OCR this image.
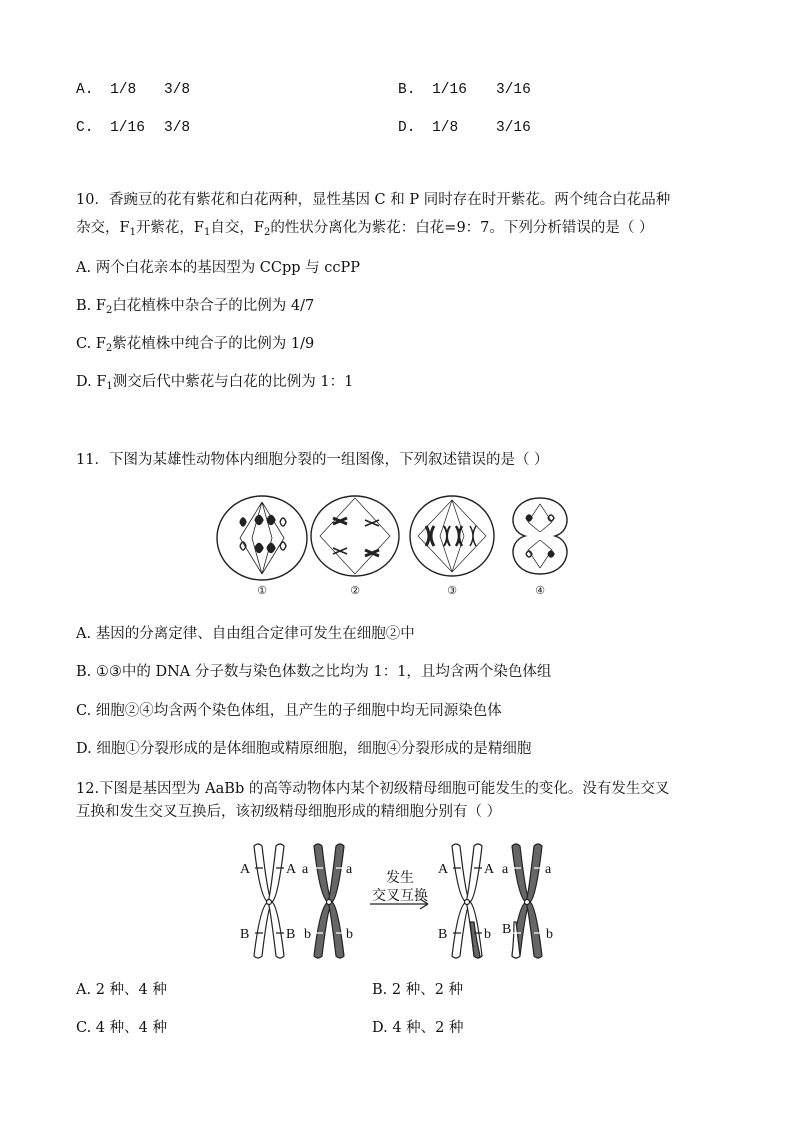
A. 1/8 3/8	B. 1/16 3/16
C. 1/16 3/8	D. 1/8	3/16
10．香豌豆的花有紫花和白花两种，显性基因 C 和 P 同时存在时开紫花。两个纯合白花品种
杂交，$F_1$开紫花，$F_1$自交，$F_2$的性状分离化为紫花：白花=9：7。下列分析错误的是（ ）
A. 两个白花亲本的基因型为 CCpp 与 ccPP
B. $F_2$白花植株中杂合子的比例为 4/7
C. $F_2$紫花植株中纯合子的比例为 1/9
D. $F_1$测交后代中紫花与白花的比例为 1：1
11．下图为某雄性动物体内细胞分裂的一组图像，下列叙述错误的是（ ）
①	②	③	④
A. 基因的分离定律、自由组合定律可发生在细胞②中
B. ①③中的 DNA 分子数与染色体数之比均为 1：1，且均含两个染色体组
C. 细胞②④均含两个染色体组，且产生的子细胞中均无同源染色体
D. 细胞①分裂形成的是体细胞或精原细胞，细胞④分裂形成的是精细胞
12.下图是基因型为 AaBb 的高等动物体内某个初级精母细胞可能发生的变化。没有发生交叉
互换和发生交叉互换后，该初级精母细胞形成的精细胞分别有（ ）
A	A a	a
B	B b	b
A	A a	a
B	b B b
发生
交叉互换
A. 2 种、4 种	B. 2 种、2 种
C. 4 种、4 种	D. 4 种、2 种
